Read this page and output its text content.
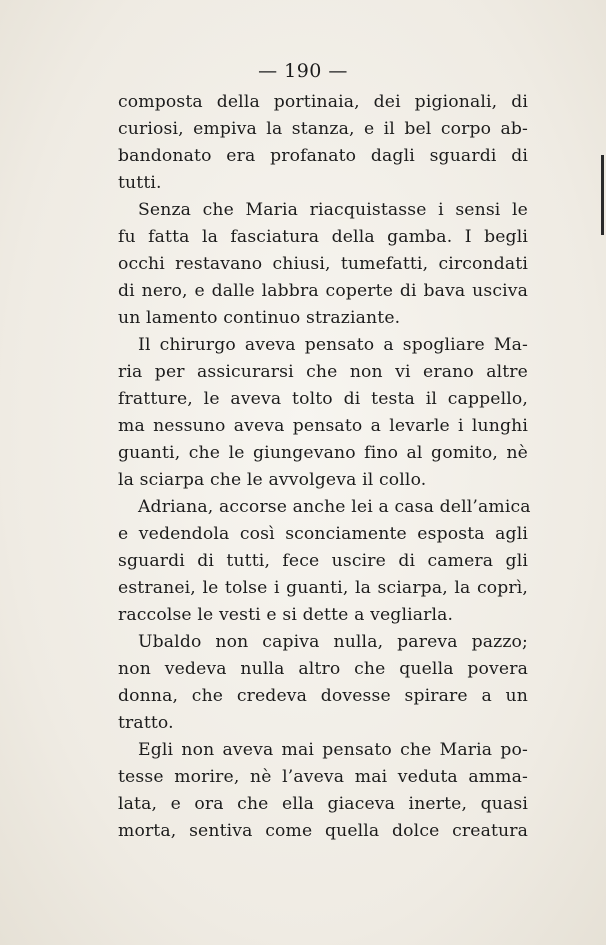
— 190 —
composta della portinaia, dei pigionali, di
curiosi, empiva la stanza, e il bel corpo ab-
bandonato era profanato dagli sguardi di
tutti.
Senza che Maria riacquistasse i sensi le
fu fatta la fasciatura della gamba. I begli
occhi restavano chiusi, tumefatti, circondati
di nero, e dalle labbra coperte di bava usciva
un lamento continuo straziante.
Il chirurgo aveva pensato a spogliare Ma-
ria per assicurarsi che non vi erano altre
fratture, le aveva tolto di testa il cappello,
ma nessuno aveva pensato a levarle i lunghi
guanti, che le giungevano fino al gomito, nè
la sciarpa che le avvolgeva il collo.
Adriana, accorse anche lei a casa dell’amica
e vedendola così sconciamente esposta agli
sguardi di tutti, fece uscire di camera gli
estranei, le tolse i guanti, la sciarpa, la coprì,
raccolse le vesti e si dette a vegliarla.
Ubaldo non capiva nulla, pareva pazzo;
non vedeva nulla altro che quella povera
donna, che credeva dovesse spirare a un
tratto.
Egli non aveva mai pensato che Maria po-
tesse morire, nè l’aveva mai veduta amma-
lata, e ora che ella giaceva inerte, quasi
morta, sentiva come quella dolce creatura
